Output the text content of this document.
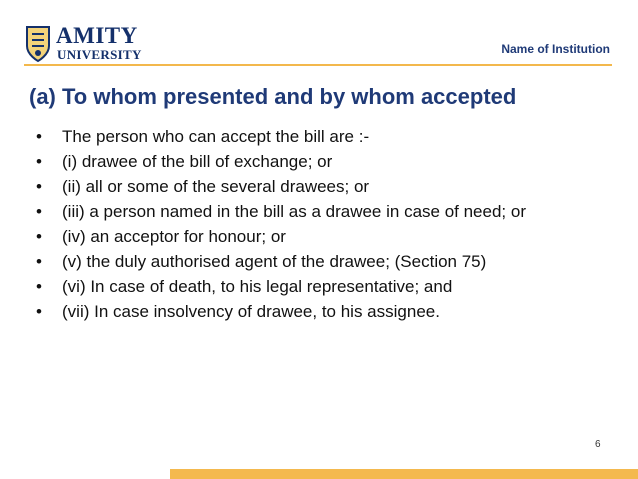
AMITY
UNIVERSITY	Name of Institution
(a) To whom presented and by whom accepted
• The person who can accept the bill are :-
• (i) drawee of the bill of exchange; or
• (ii) all or some of the several drawees; or
• (iii) a person named in the bill as a drawee in case of need; or
• (iv) an acceptor for honour; or
• (v) the duly authorised agent of the drawee; (Section 75)
• (vi) In case of death, to his legal representative; and
• (vii) In case insolvency of drawee, to his assignee.
6
